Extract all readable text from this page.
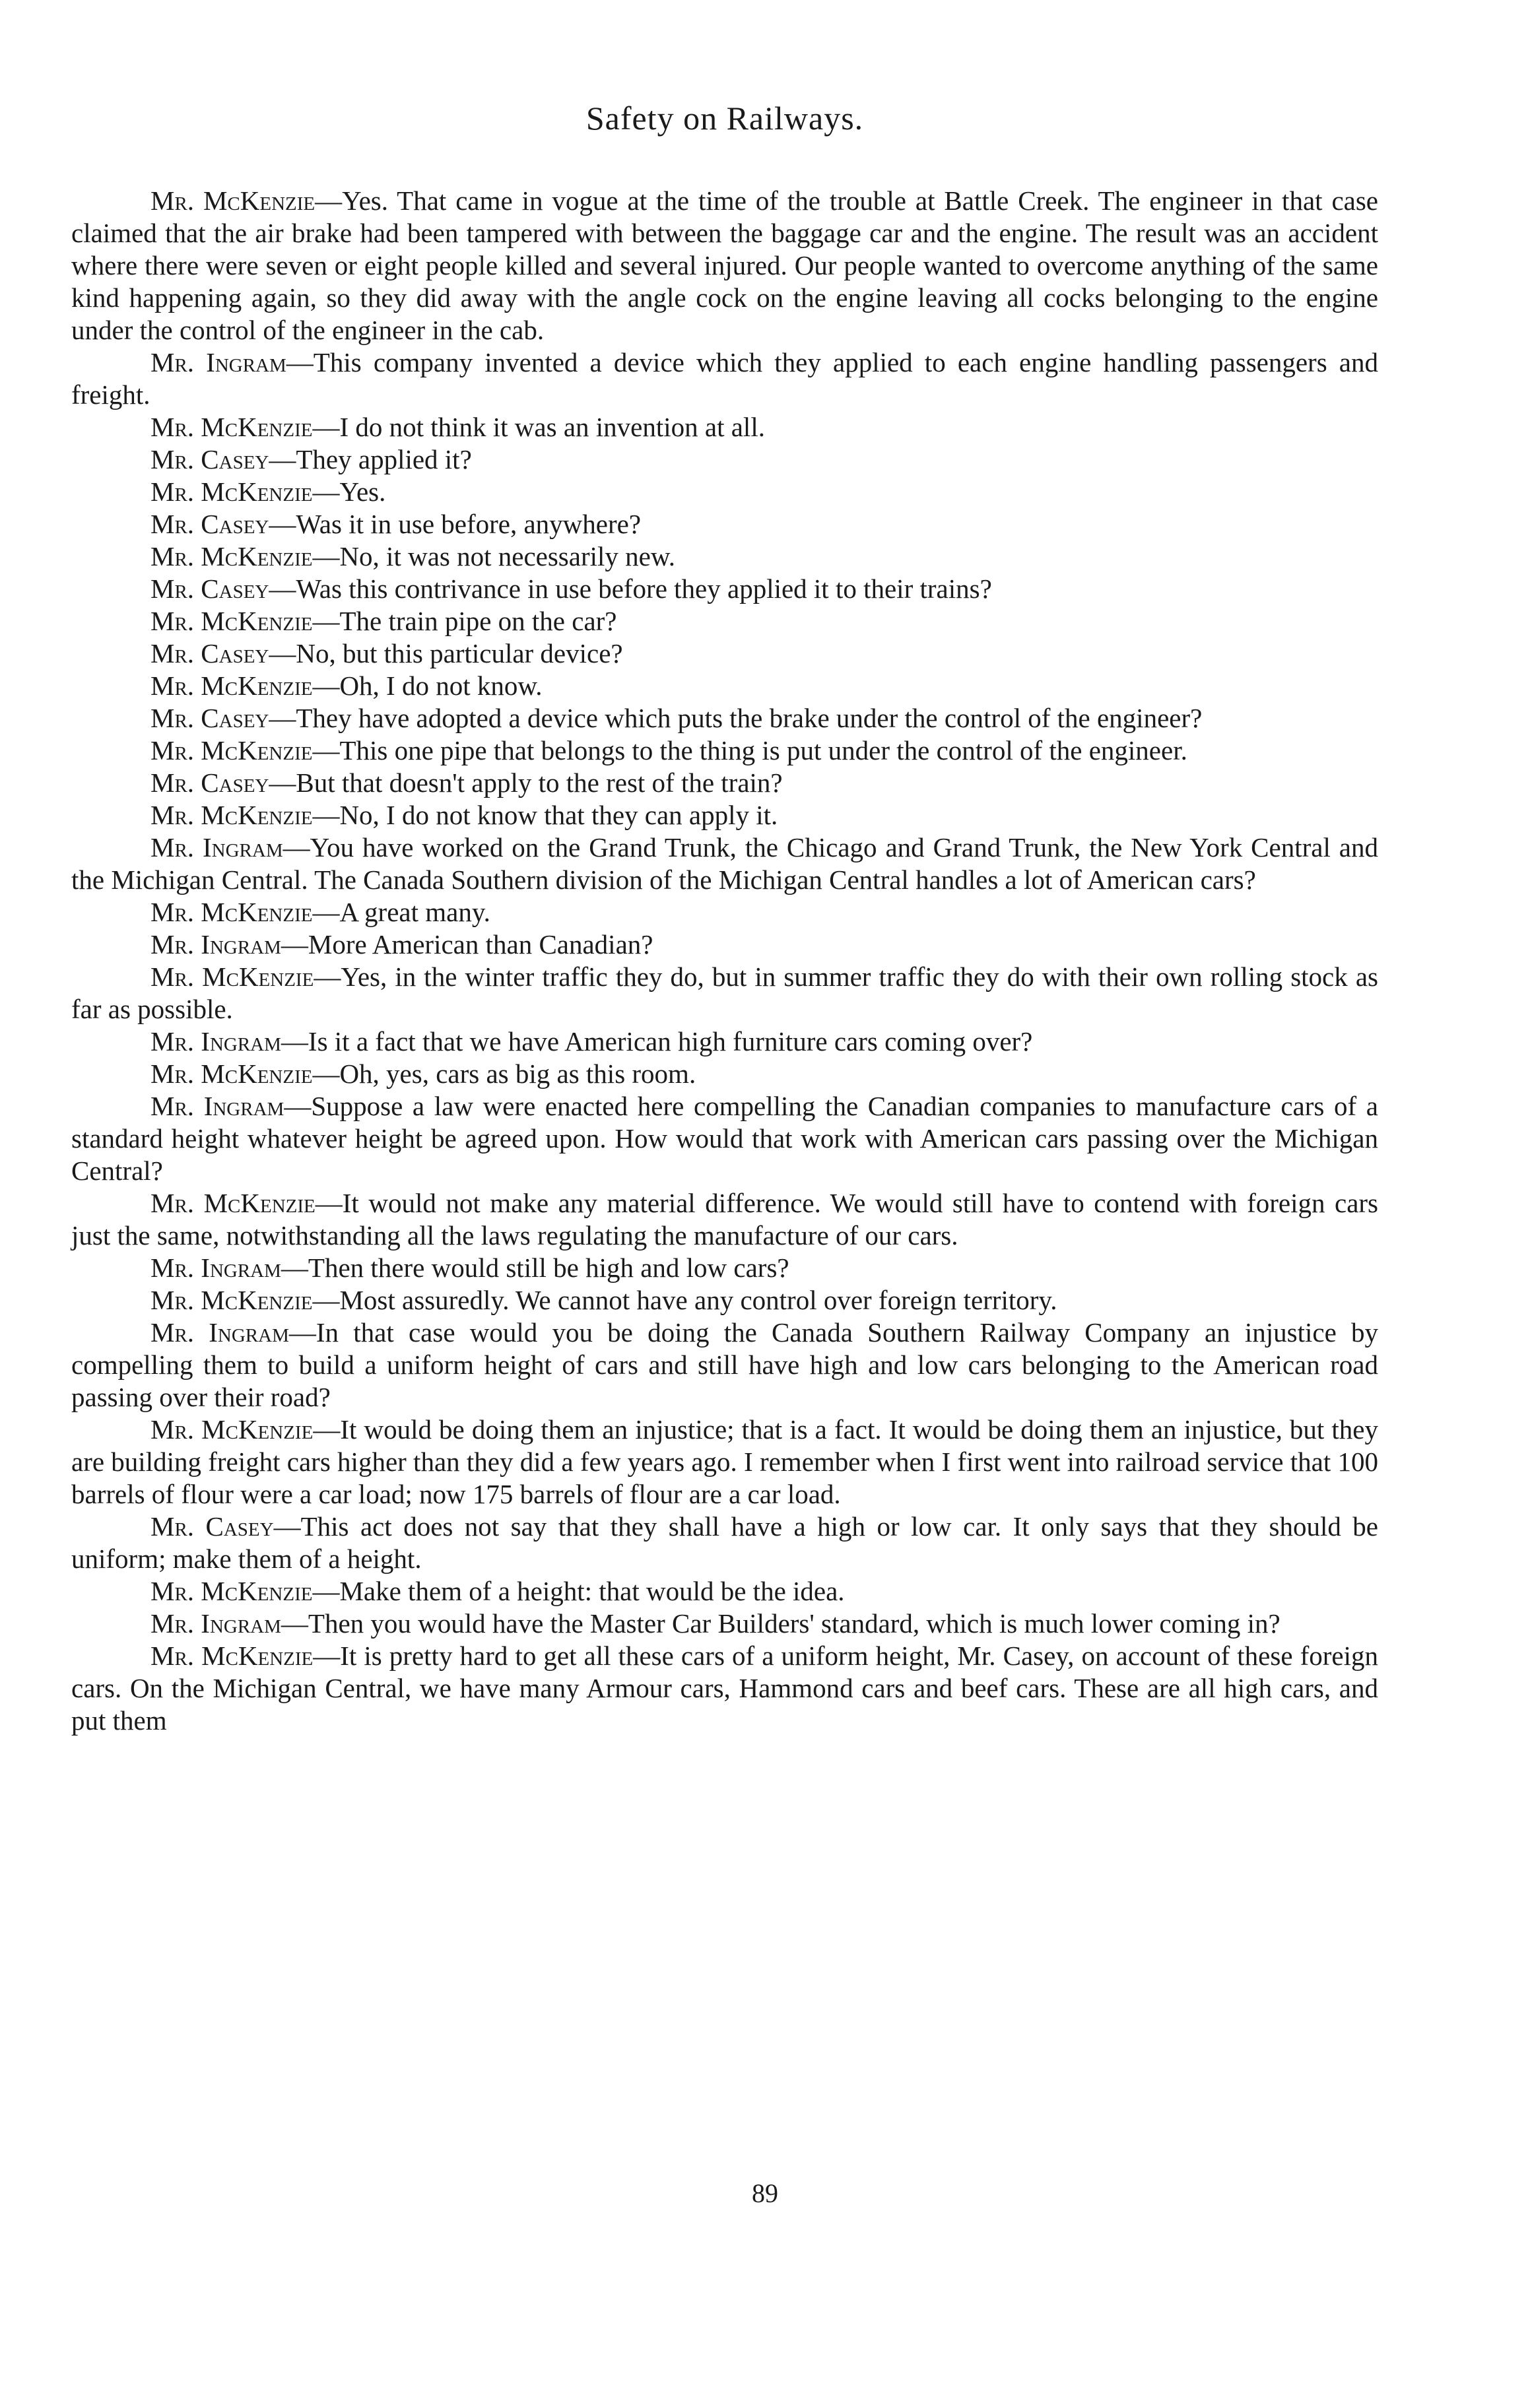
Safety on Railways.

Mr. McKenzie—Yes. That came in vogue at the time of the trouble at Battle Creek. The engineer in that case claimed that the air brake had been tampered with between the baggage car and the engine. The result was an accident where there were seven or eight people killed and several injured. Our people wanted to overcome anything of the same kind happening again, so they did away with the angle cock on the engine leaving all cocks belonging to the engine under the control of the engineer in the cab.

Mr. Ingram—This company invented a device which they applied to each engine handling passengers and freight.

Mr. McKenzie—I do not think it was an invention at all.

Mr. Casey—They applied it?

Mr. McKenzie—Yes.

Mr. Casey—Was it in use before, anywhere?

Mr. McKenzie—No, it was not necessarily new.

Mr. Casey—Was this contrivance in use before they applied it to their trains?

Mr. McKenzie—The train pipe on the car?

Mr. Casey—No, but this particular device?

Mr. McKenzie—Oh, I do not know.

Mr. Casey—They have adopted a device which puts the brake under the control of the engineer?

Mr. McKenzie—This one pipe that belongs to the thing is put under the control of the engineer.

Mr. Casey—But that doesn't apply to the rest of the train?

Mr. McKenzie—No, I do not know that they can apply it.

Mr. Ingram—You have worked on the Grand Trunk, the Chicago and Grand Trunk, the New York Central and the Michigan Central. The Canada Southern division of the Michigan Central handles a lot of American cars?

Mr. McKenzie—A great many.

Mr. Ingram—More American than Canadian?

Mr. McKenzie—Yes, in the winter traffic they do, but in summer traffic they do with their own rolling stock as far as possible.

Mr. Ingram—Is it a fact that we have American high furniture cars coming over?

Mr. McKenzie—Oh, yes, cars as big as this room.

Mr. Ingram—Suppose a law were enacted here compelling the Canadian companies to manufacture cars of a standard height whatever height be agreed upon. How would that work with American cars passing over the Michigan Central?

Mr. McKenzie—It would not make any material difference. We would still have to contend with foreign cars just the same, notwithstanding all the laws regulating the manufacture of our cars.

Mr. Ingram—Then there would still be high and low cars?

Mr. McKenzie—Most assuredly. We cannot have any control over foreign territory.

Mr. Ingram—In that case would you be doing the Canada Southern Railway Company an injustice by compelling them to build a uniform height of cars and still have high and low cars belonging to the American road passing over their road?

Mr. McKenzie—It would be doing them an injustice; that is a fact. It would be doing them an injustice, but they are building freight cars higher than they did a few years ago. I remember when I first went into railroad service that 100 barrels of flour were a car load; now 175 barrels of flour are a car load.

Mr. Casey—This act does not say that they shall have a high or low car. It only says that they should be uniform; make them of a height.

Mr. McKenzie—Make them of a height: that would be the idea.

Mr. Ingram—Then you would have the Master Car Builders' standard, which is much lower coming in?

Mr. McKenzie—It is pretty hard to get all these cars of a uniform height, Mr. Casey, on account of these foreign cars. On the Michigan Central, we have many Armour cars, Hammond cars and beef cars. These are all high cars, and put them

89
